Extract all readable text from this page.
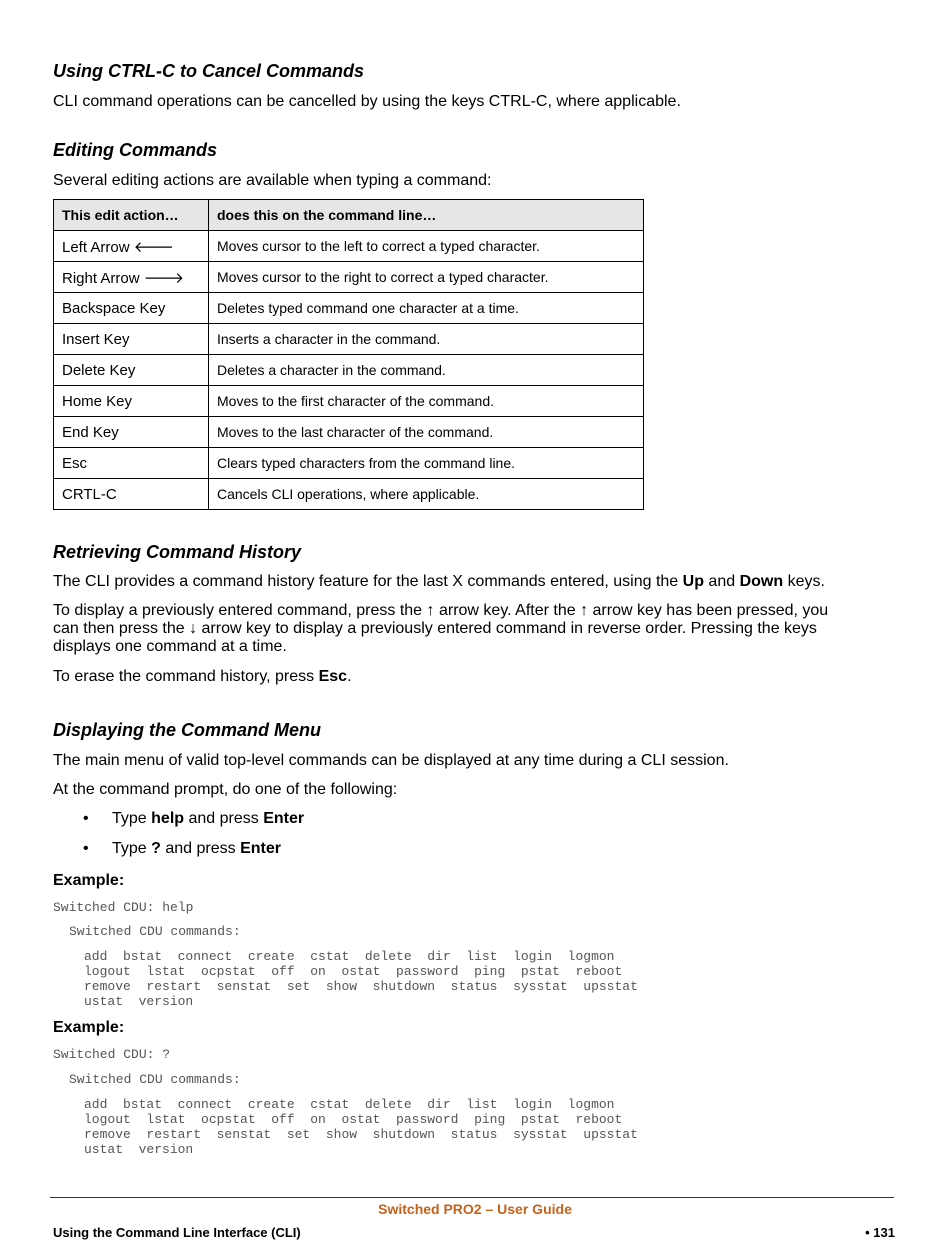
Using CTRL-C to Cancel Commands

CLI command operations can be cancelled by using the keys CTRL-C, where applicable.

Editing Commands

Several editing actions are available when typing a command:

This edit action…	does this on the command line…
Left Arrow 🡐	Moves cursor to the left to correct a typed character.
Right Arrow 🡒	Moves cursor to the right to correct a typed character.
Backspace Key	Deletes typed command one character at a time.
Insert Key	Inserts a character in the command.
Delete Key	Deletes a character in the command.
Home Key	Moves to the first character of the command.
End Key	Moves to the last character of the command.
Esc	Clears typed characters from the command line.
CRTL-C	Cancels CLI operations, where applicable.
Retrieving Command History

The CLI provides a command history feature for the last X commands entered, using the Up and Down keys.

To display a previously entered command, press the ↑ arrow key. After the ↑ arrow key has been pressed, you
can then press the ↓ arrow key to display a previously entered command in reverse order. Pressing the keys
displays one command at a time.

To erase the command history, press Esc.

Displaying the Command Menu

The main menu of valid top-level commands can be displayed at any time during a CLI session.

At the command prompt, do one of the following:

• Type help and press Enter
• Type ? and press Enter
Example:
Switched CDU: help
Switched CDU commands:
add  bstat  connect  create  cstat  delete  dir  list  login  logmon
logout  lstat  ocpstat  off  on  ostat  password  ping  pstat  reboot
remove  restart  senstat  set  show  shutdown  status  sysstat  upsstat
ustat  version
Example:
Switched CDU: ?
Switched CDU commands:
add  bstat  connect  create  cstat  delete  dir  list  login  logmon
logout  lstat  ocpstat  off  on  ostat  password  ping  pstat  reboot
remove  restart  senstat  set  show  shutdown  status  sysstat  upsstat
ustat  version
Switched PRO2 – User Guide
Using the Command Line Interface (CLI)	• 131
